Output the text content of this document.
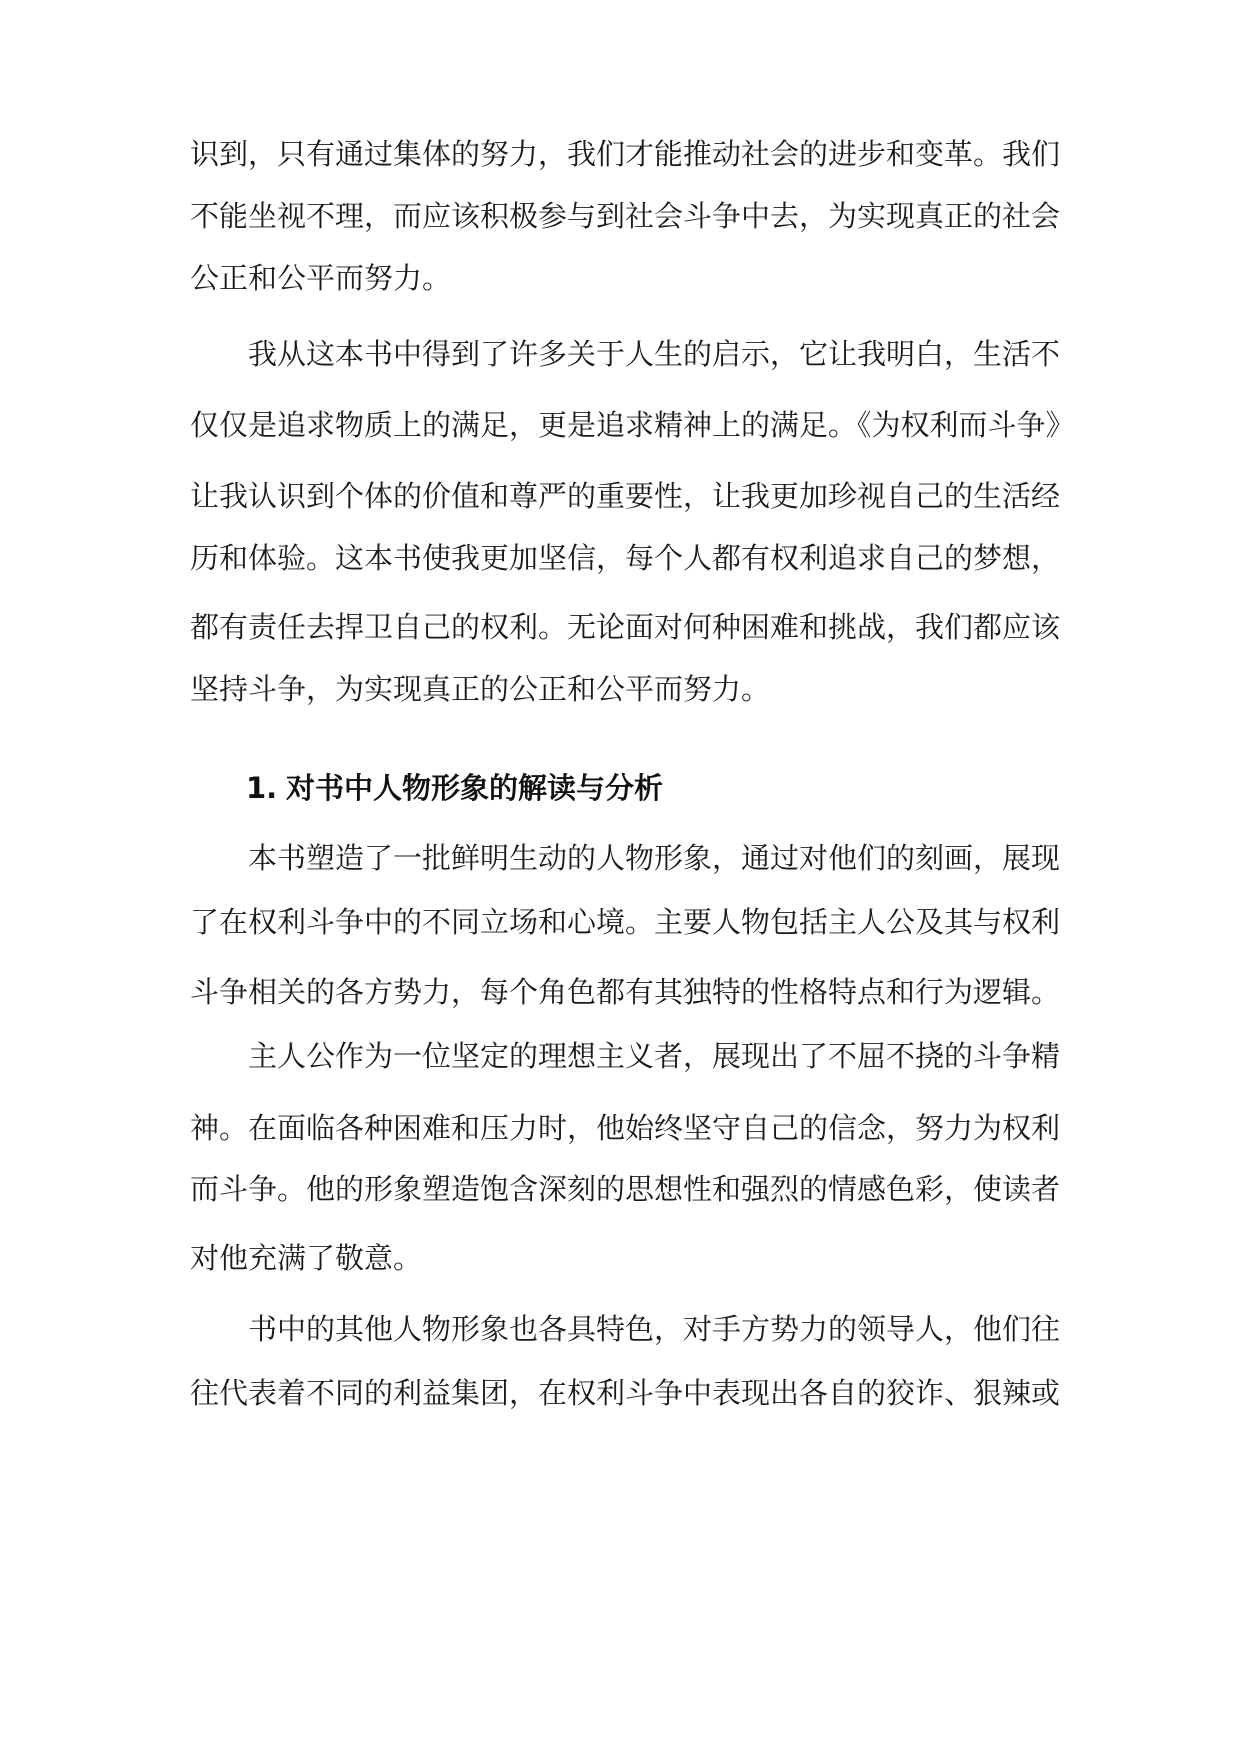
识到，只有通过集体的努力，我们才能推动社会的进步和变革。我们
不能坐视不理，而应该积极参与到社会斗争中去，为实现真正的社会
公正和公平而努力。
我从这本书中得到了许多关于人生的启示，它让我明白，生活不
仅仅是追求物质上的满足，更是追求精神上的满足。《为权利而斗争》
让我认识到个体的价值和尊严的重要性，让我更加珍视自己的生活经
历和体验。这本书使我更加坚信，每个人都有权利追求自己的梦想，
都有责任去捍卫自己的权利。无论面对何种困难和挑战，我们都应该
坚持斗争，为实现真正的公正和公平而努力。
1. 对书中人物形象的解读与分析
本书塑造了一批鲜明生动的人物形象，通过对他们的刻画，展现
了在权利斗争中的不同立场和心境。主要人物包括主人公及其与权利
斗争相关的各方势力，每个角色都有其独特的性格特点和行为逻辑。
主人公作为一位坚定的理想主义者，展现出了不屈不挠的斗争精
神。在面临各种困难和压力时，他始终坚守自己的信念，努力为权利
而斗争。他的形象塑造饱含深刻的思想性和强烈的情感色彩，使读者
对他充满了敬意。
书中的其他人物形象也各具特色，对手方势力的领导人，他们往
往代表着不同的利益集团，在权利斗争中表现出各自的狡诈、狠辣或
